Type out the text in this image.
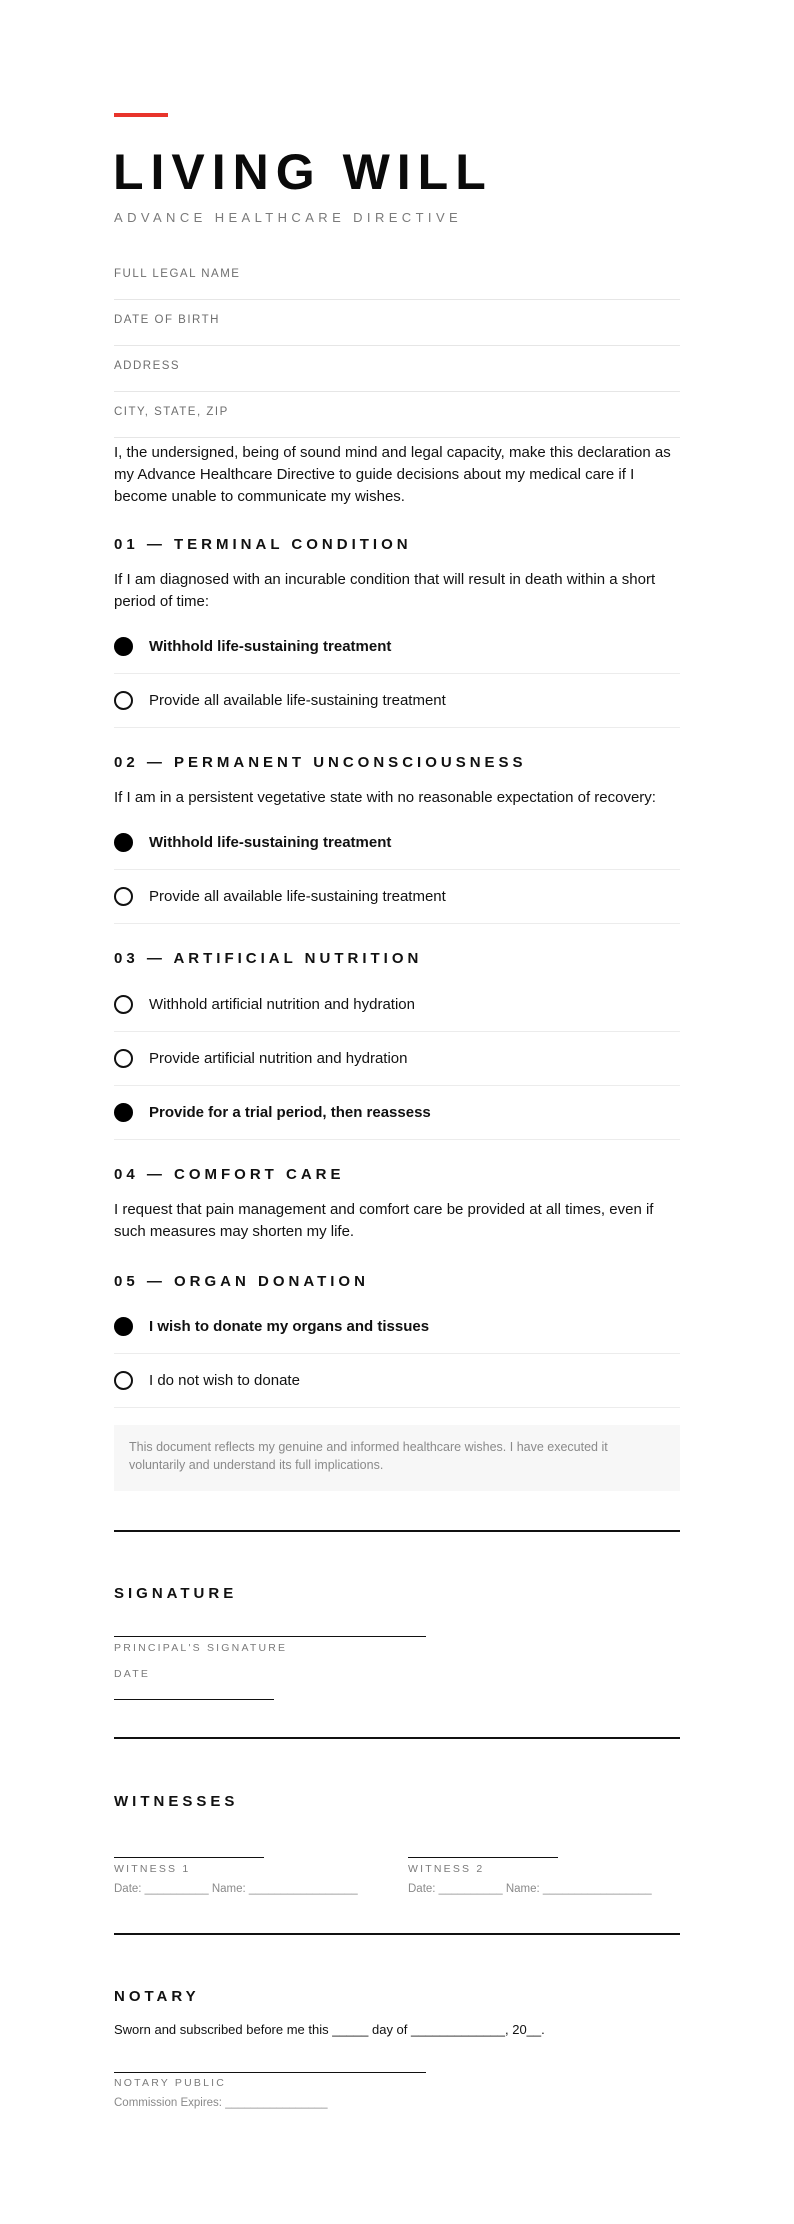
LIVING WILL
ADVANCE HEALTHCARE DIRECTIVE
FULL LEGAL NAME
DATE OF BIRTH
ADDRESS
CITY, STATE, ZIP
I, the undersigned, being of sound mind and legal capacity, make this declaration as my Advance Healthcare Directive to guide decisions about my medical care if I become unable to communicate my wishes.
01 — TERMINAL CONDITION
If I am diagnosed with an incurable condition that will result in death within a short period of time:
Withhold life-sustaining treatment
Provide all available life-sustaining treatment
02 — PERMANENT UNCONSCIOUSNESS
If I am in a persistent vegetative state with no reasonable expectation of recovery:
Withhold life-sustaining treatment
Provide all available life-sustaining treatment
03 — ARTIFICIAL NUTRITION
Withhold artificial nutrition and hydration
Provide artificial nutrition and hydration
Provide for a trial period, then reassess
04 — COMFORT CARE
I request that pain management and comfort care be provided at all times, even if such measures may shorten my life.
05 — ORGAN DONATION
I wish to donate my organs and tissues
I do not wish to donate
This document reflects my genuine and informed healthcare wishes. I have executed it voluntarily and understand its full implications.
SIGNATURE
PRINCIPAL'S SIGNATURE
DATE
WITNESSES
WITNESS 1
Date: __________ Name: _________________
WITNESS 2
Date: __________ Name: _________________
NOTARY
Sworn and subscribed before me this _____ day of _____________, 20__.
NOTARY PUBLIC
Commission Expires: ________________
